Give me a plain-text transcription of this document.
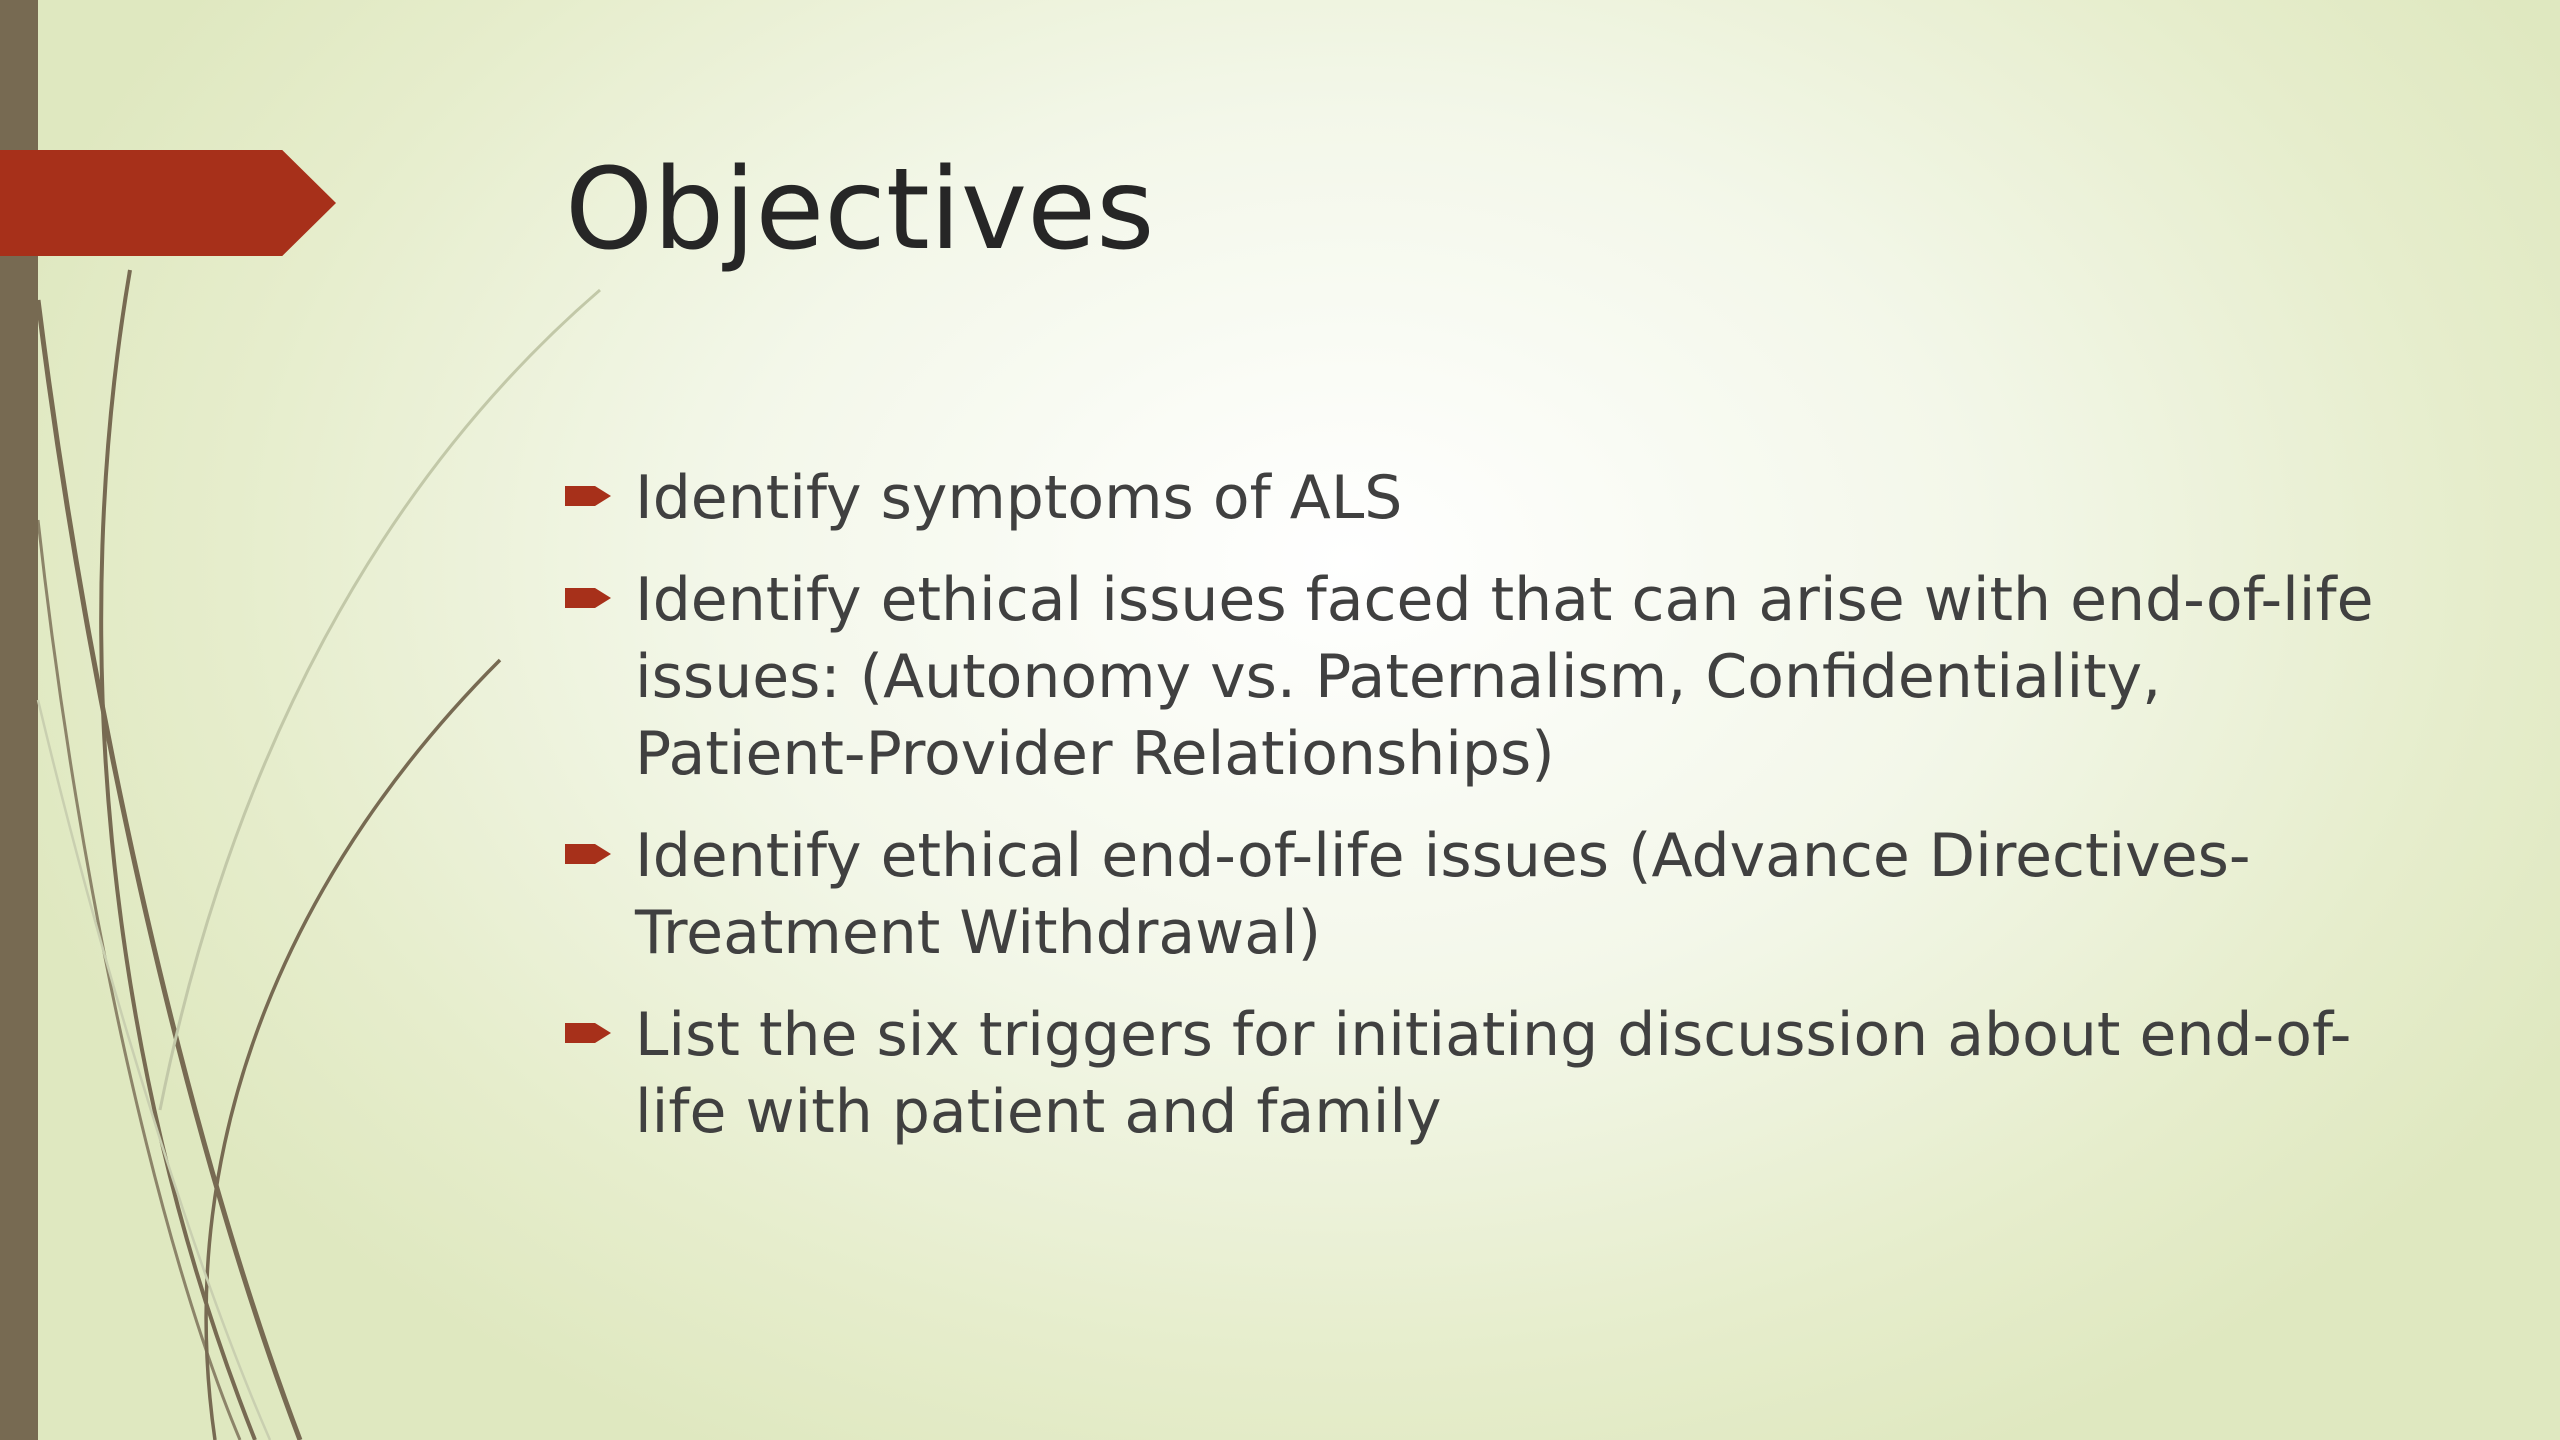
Objectives
Identify symptoms of ALS
Identify ethical issues faced that can arise with end-of-life issues: (Autonomy vs. Paternalism, Confidentiality, Patient-Provider Relationships)
Identify ethical end-of-life issues (Advance Directives-Treatment Withdrawal)
List the six triggers for initiating discussion about end-of-life with patient and family
